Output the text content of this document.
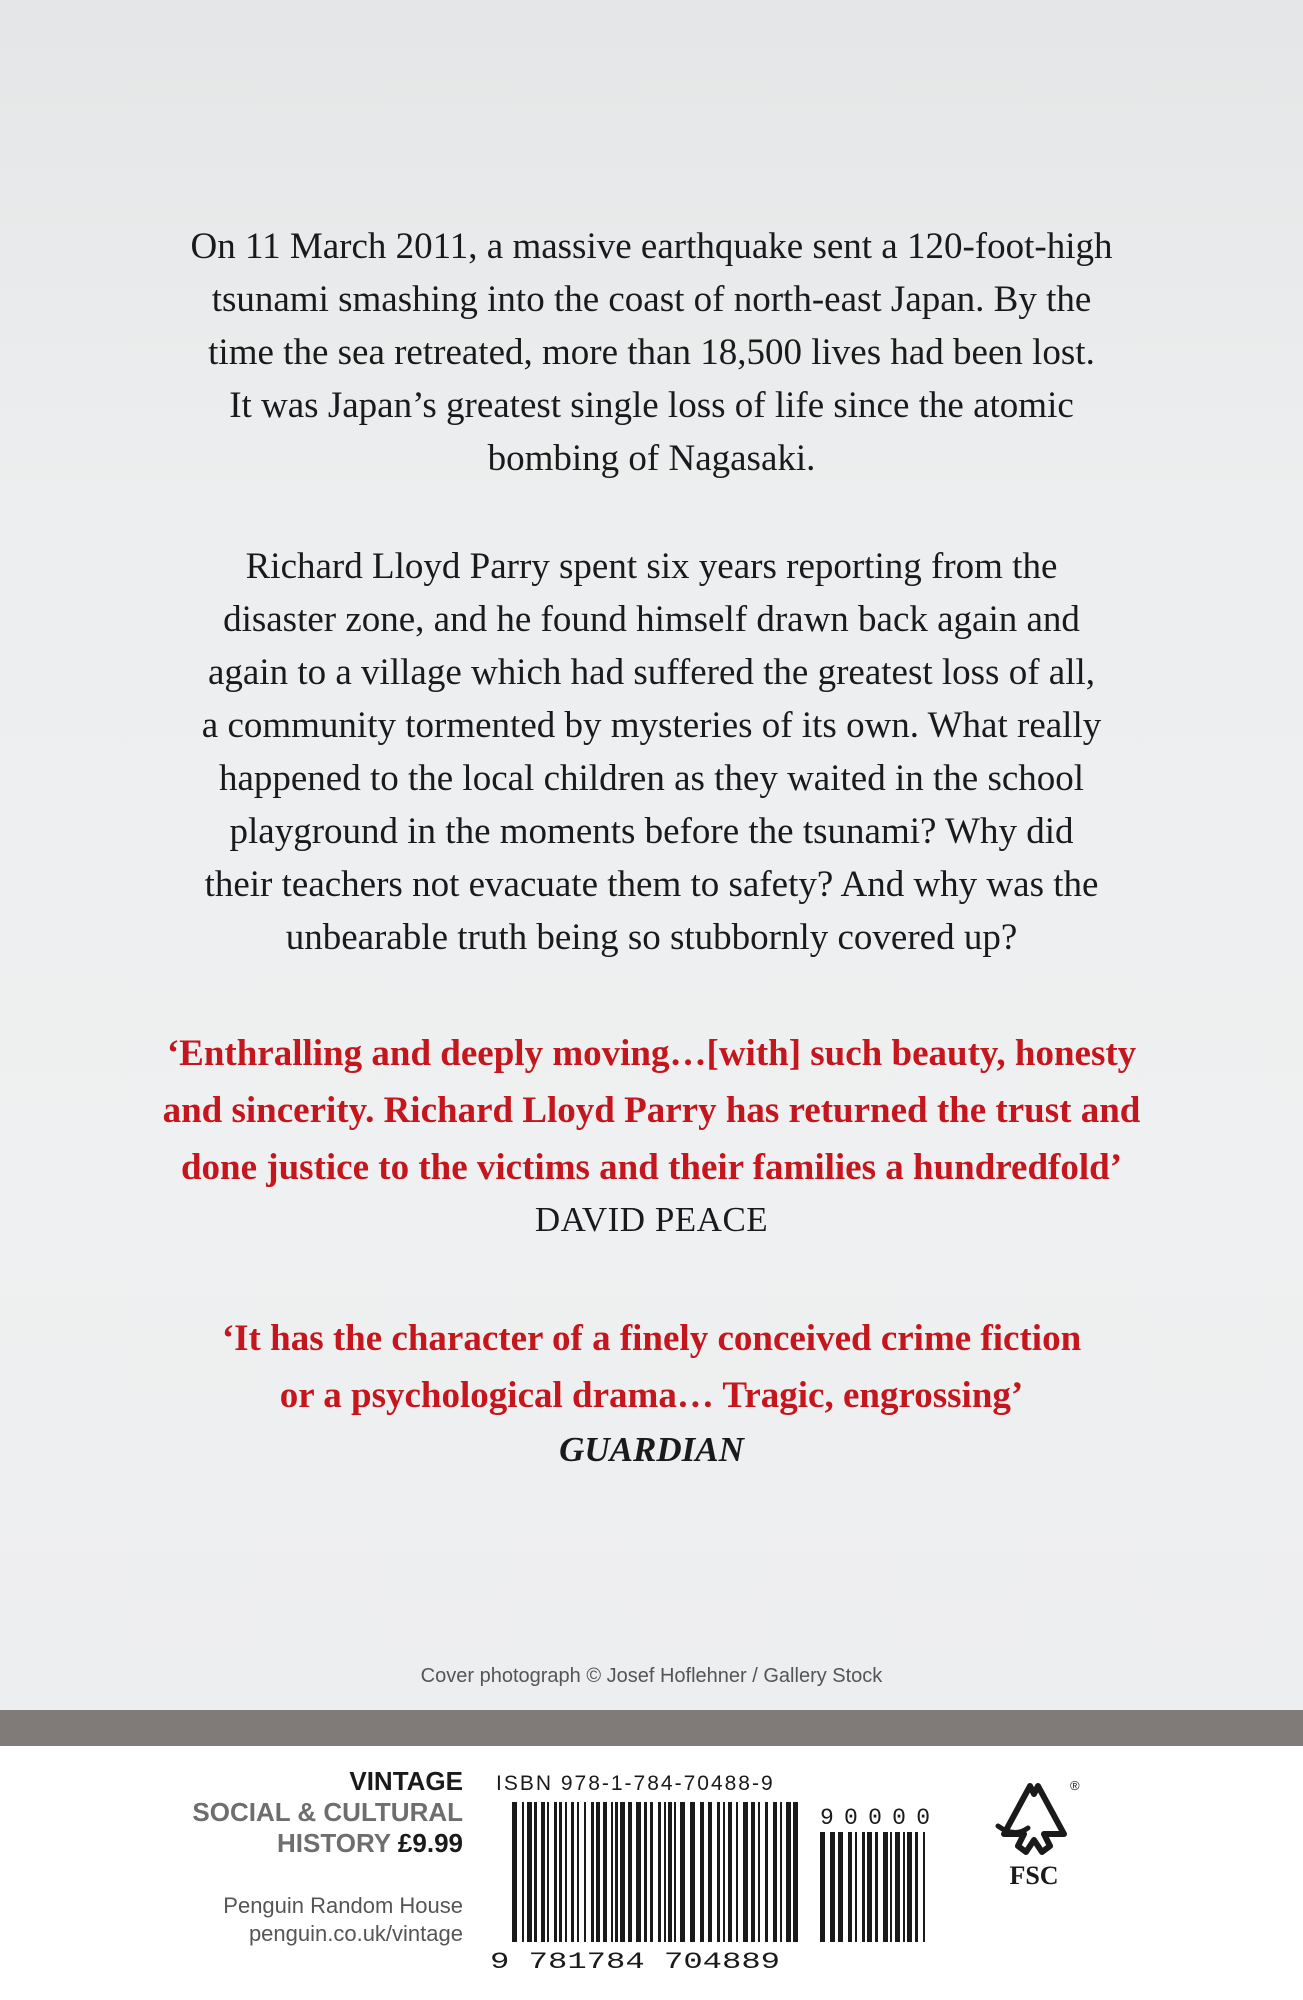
On 11 March 2011, a massive earthquake sent a 120-foot-high
tsunami smashing into the coast of north-east Japan. By the
time the sea retreated, more than 18,500 lives had been lost.
It was Japan’s greatest single loss of life since the atomic
bombing of Nagasaki.
Richard Lloyd Parry spent six years reporting from the
disaster zone, and he found himself drawn back again and
again to a village which had suffered the greatest loss of all,
a community tormented by mysteries of its own. What really
happened to the local children as they waited in the school
playground in the moments before the tsunami? Why did
their teachers not evacuate them to safety? And why was the
unbearable truth being so stubbornly covered up?
‘Enthralling and deeply moving…[with] such beauty, honesty
and sincerity. Richard Lloyd Parry has returned the trust and
done justice to the victims and their families a hundredfold’
DAVID PEACE
‘It has the character of a finely conceived crime fiction
or a psychological drama… Tragic, engrossing’
GUARDIAN
Cover photograph © Josef Hoflehner / Gallery Stock
VINTAGE
SOCIAL & CULTURAL
HISTORY £9.99
Penguin Random House
penguin.co.uk/vintage
ISBN 978-1-784-70488-9
9 781784 704889
90000
®
FSC
